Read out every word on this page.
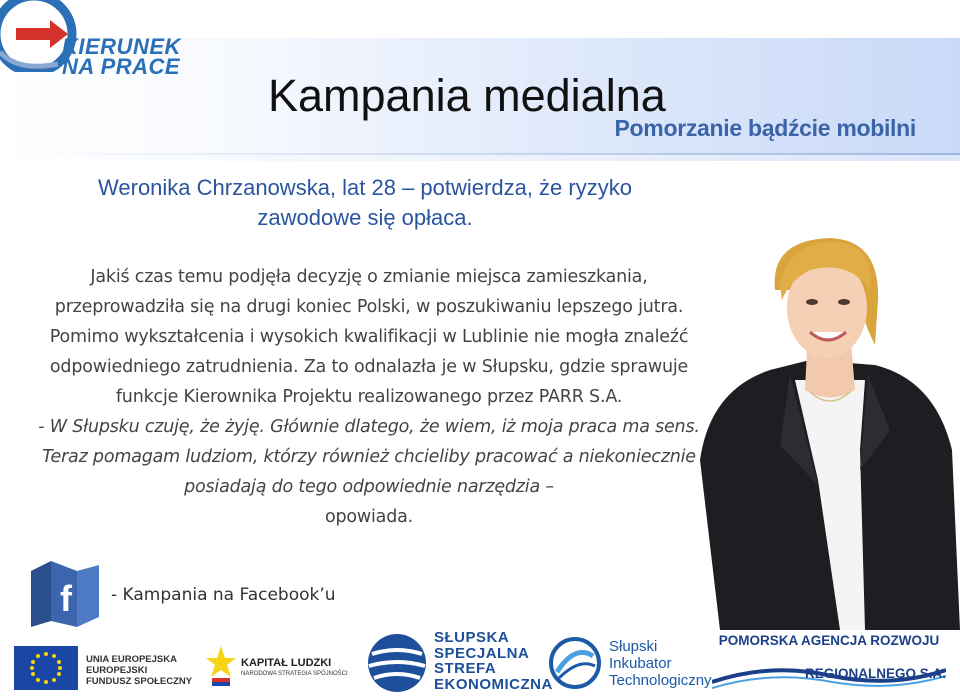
KIERUNEK
NA PRACE
Kampania medialna
Pomorzanie bądźcie mobilni
Weronika Chrzanowska, lat 28 – potwierdza, że ryzyko
zawodowe się opłaca.
Jakiś czas temu podjęła decyzję o zmianie miejsca zamieszkania, przeprowadziła się na drugi koniec Polski, w poszukiwaniu lepszego jutra. Pomimo wykształcenia i wysokich kwalifikacji w Lublinie nie mogła znaleźć odpowiedniego zatrudnienia. Za to odnalazła je w Słupsku, gdzie sprawuje funkcje Kierownika Projektu realizowanego przez PARR S.A.
- W Słupsku czuję, że żyję. Głównie dlatego, że wiem, iż moja praca ma sens. Teraz pomagam ludziom, którzy również chcieliby pracować a niekoniecznie posiadają do tego odpowiednie narzędzia –
opowiada.
f - Kampania na Facebook’u
UNIA EUROPEJSKA
EUROPEJSKI
FUNDUSZ SPOŁECZNY
KAPITAŁ LUDZKI
NARODOWA STRATEGIA SPÓJNOŚCI
SŁUPSKA
SPECJALNA
STREFA
EKONOMICZNA
Słupski
Inkubator
Technologiczny
POMORSKA AGENCJA ROZWOJU
REGIONALNEGO S.A.
